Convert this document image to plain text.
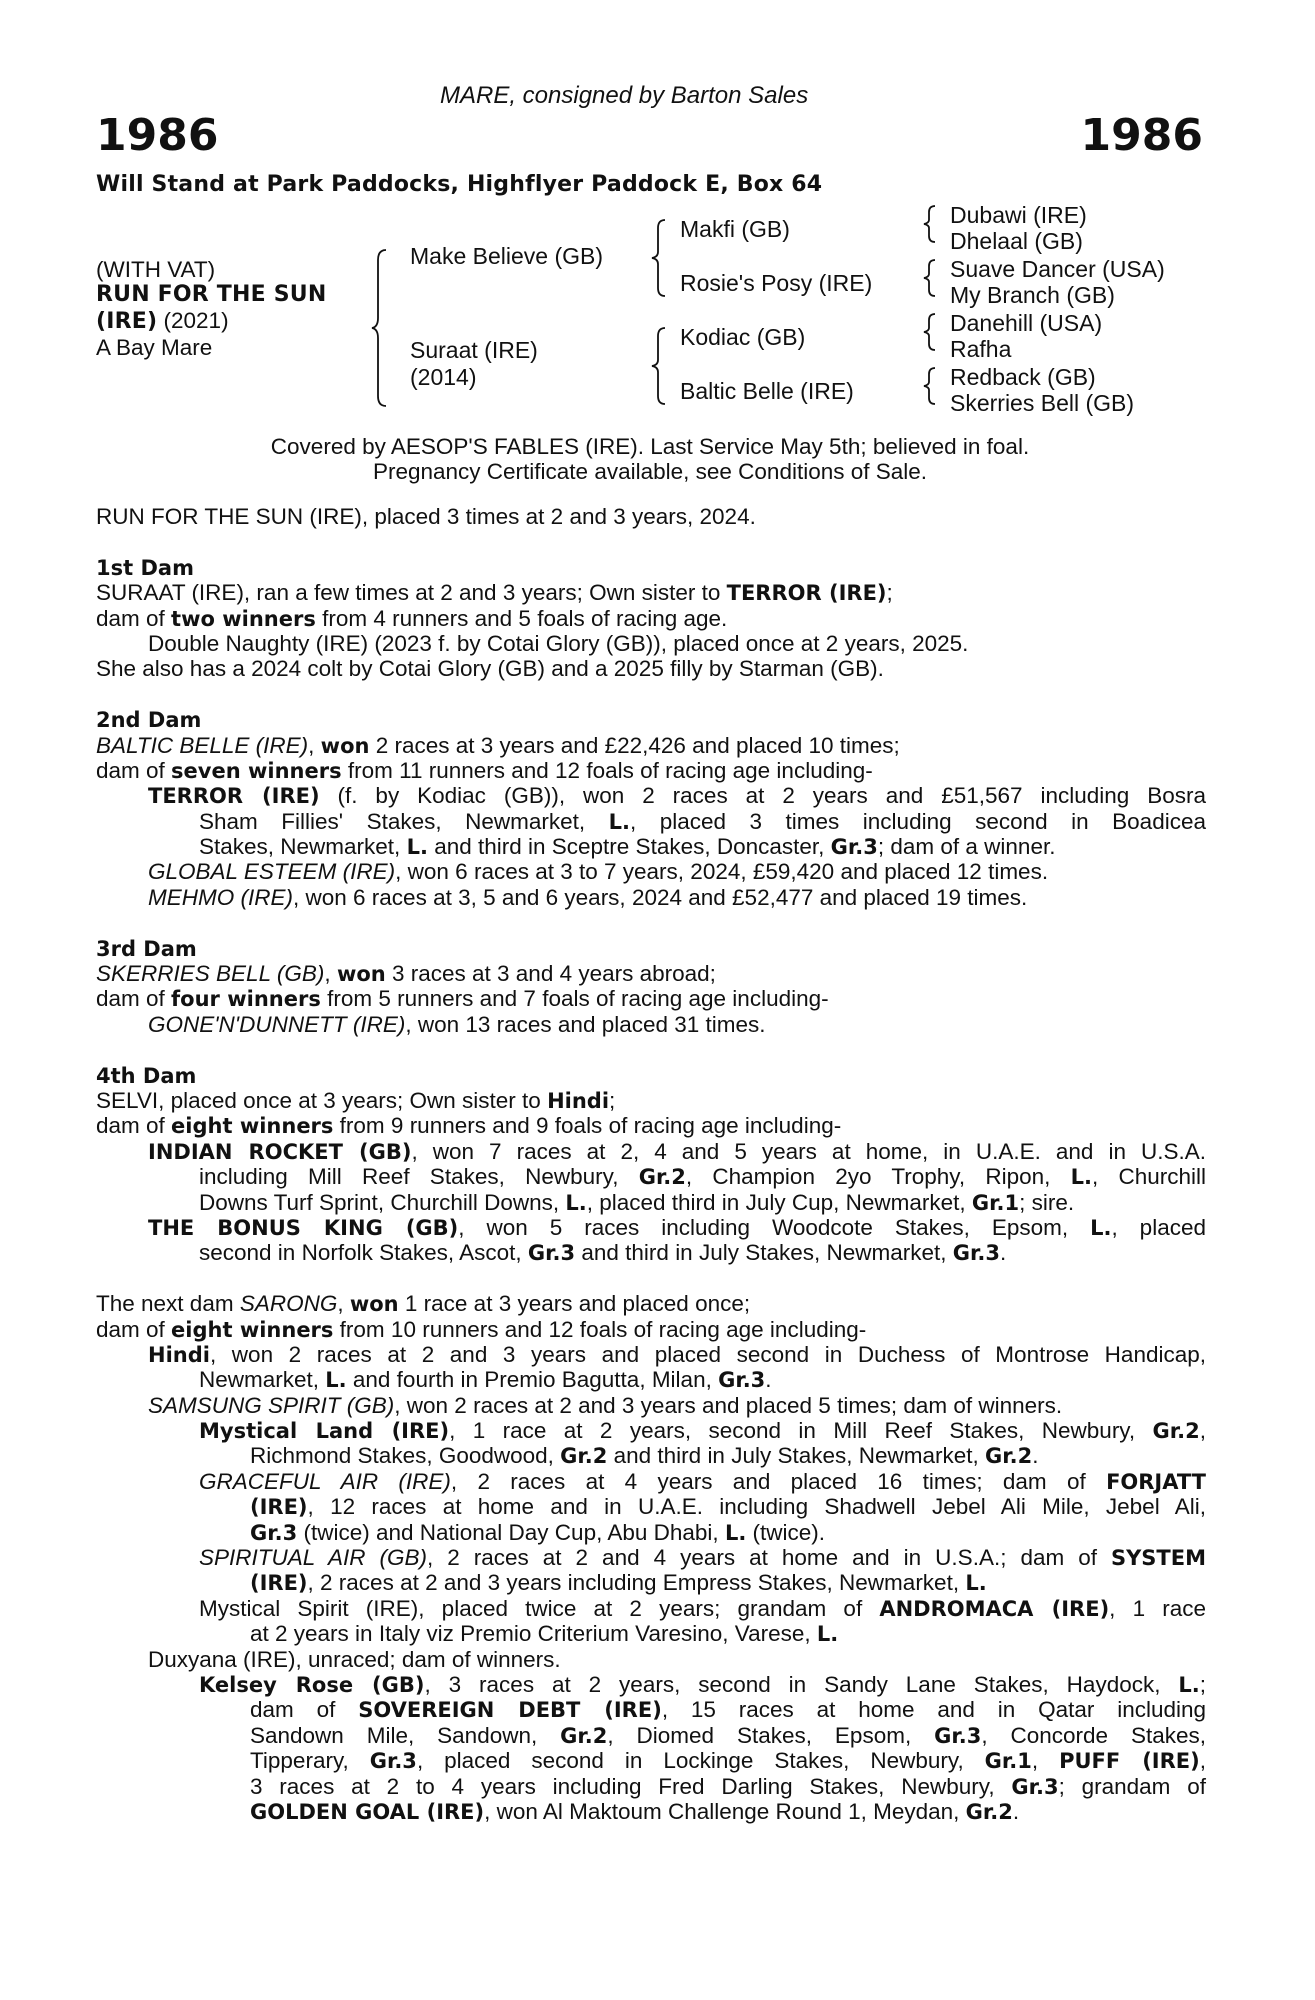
MARE, consigned by Barton Sales
1986	1986
Will Stand at Park Paddocks, Highflyer Paddock E, Box 64
(WITH VAT)
RUN FOR THE SUN
(IRE) (2021)
A Bay Mare
Make Believe (GB)
Suraat (IRE)
(2014)
Makfi (GB)
Rosie's Posy (IRE)
Kodiac (GB)
Baltic Belle (IRE)
Dubawi (IRE)
Dhelaal (GB)
Suave Dancer (USA)
My Branch (GB)
Danehill (USA)
Rafha
Redback (GB)
Skerries Bell (GB)
Covered by AESOP'S FABLES (IRE). Last Service May 5th; believed in foal.
Pregnancy Certificate available, see Conditions of Sale.
RUN FOR THE SUN (IRE), placed 3 times at 2 and 3 years, 2024.
1st Dam
SURAAT (IRE), ran a few times at 2 and 3 years; Own sister to TERROR (IRE);
dam of two winners from 4 runners and 5 foals of racing age.
Double Naughty (IRE) (2023 f. by Cotai Glory (GB)), placed once at 2 years, 2025.
She also has a 2024 colt by Cotai Glory (GB) and a 2025 filly by Starman (GB).
2nd Dam
BALTIC BELLE (IRE), won 2 races at 3 years and £22,426 and placed 10 times;
dam of seven winners from 11 runners and 12 foals of racing age including-
TERROR (IRE) (f. by Kodiac (GB)), won 2 races at 2 years and £51,567 including Bosra
Sham Fillies' Stakes, Newmarket, L., placed 3 times including second in Boadicea
Stakes, Newmarket, L. and third in Sceptre Stakes, Doncaster, Gr.3; dam of a winner.
GLOBAL ESTEEM (IRE), won 6 races at 3 to 7 years, 2024, £59,420 and placed 12 times.
MEHMO (IRE), won 6 races at 3, 5 and 6 years, 2024 and £52,477 and placed 19 times.
3rd Dam
SKERRIES BELL (GB), won 3 races at 3 and 4 years abroad;
dam of four winners from 5 runners and 7 foals of racing age including-
GONE'N'DUNNETT (IRE), won 13 races and placed 31 times.
4th Dam
SELVI, placed once at 3 years; Own sister to Hindi;
dam of eight winners from 9 runners and 9 foals of racing age including-
INDIAN ROCKET (GB), won 7 races at 2, 4 and 5 years at home, in U.A.E. and in U.S.A.
including Mill Reef Stakes, Newbury, Gr.2, Champion 2yo Trophy, Ripon, L., Churchill
Downs Turf Sprint, Churchill Downs, L., placed third in July Cup, Newmarket, Gr.1; sire.
THE BONUS KING (GB), won 5 races including Woodcote Stakes, Epsom, L., placed
second in Norfolk Stakes, Ascot, Gr.3 and third in July Stakes, Newmarket, Gr.3.
The next dam SARONG, won 1 race at 3 years and placed once;
dam of eight winners from 10 runners and 12 foals of racing age including-
Hindi, won 2 races at 2 and 3 years and placed second in Duchess of Montrose Handicap,
Newmarket, L. and fourth in Premio Bagutta, Milan, Gr.3.
SAMSUNG SPIRIT (GB), won 2 races at 2 and 3 years and placed 5 times; dam of winners.
Mystical Land (IRE), 1 race at 2 years, second in Mill Reef Stakes, Newbury, Gr.2,
Richmond Stakes, Goodwood, Gr.2 and third in July Stakes, Newmarket, Gr.2.
GRACEFUL AIR (IRE), 2 races at 4 years and placed 16 times; dam of FORJATT
(IRE), 12 races at home and in U.A.E. including Shadwell Jebel Ali Mile, Jebel Ali,
Gr.3 (twice) and National Day Cup, Abu Dhabi, L. (twice).
SPIRITUAL AIR (GB), 2 races at 2 and 4 years at home and in U.S.A.; dam of SYSTEM
(IRE), 2 races at 2 and 3 years including Empress Stakes, Newmarket, L.
Mystical Spirit (IRE), placed twice at 2 years; grandam of ANDROMACA (IRE), 1 race
at 2 years in Italy viz Premio Criterium Varesino, Varese, L.
Duxyana (IRE), unraced; dam of winners.
Kelsey Rose (GB), 3 races at 2 years, second in Sandy Lane Stakes, Haydock, L.;
dam of SOVEREIGN DEBT (IRE), 15 races at home and in Qatar including
Sandown Mile, Sandown, Gr.2, Diomed Stakes, Epsom, Gr.3, Concorde Stakes,
Tipperary, Gr.3, placed second in Lockinge Stakes, Newbury, Gr.1, PUFF (IRE),
3 races at 2 to 4 years including Fred Darling Stakes, Newbury, Gr.3; grandam of
GOLDEN GOAL (IRE), won Al Maktoum Challenge Round 1, Meydan, Gr.2.
